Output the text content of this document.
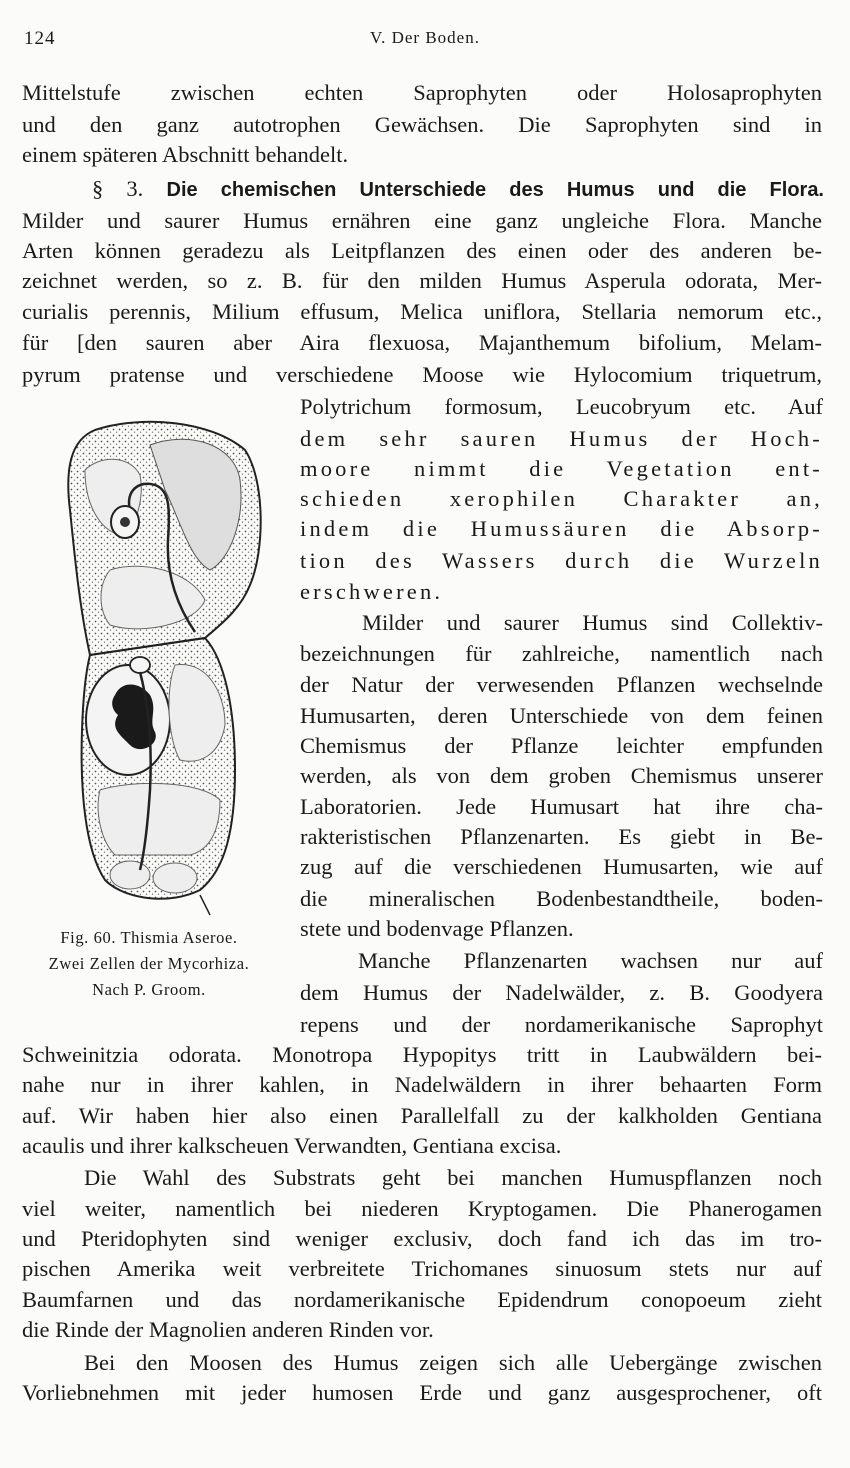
124	V. Der Boden.
Mittelstufe zwischen echten Saprophyten oder Holosaprophyten
und den ganz autotrophen Gewächsen. Die Saprophyten sind in
einem späteren Abschnitt behandelt.
§ 3. Die chemischen Unterschiede des Humus und die Flora.
Milder und saurer Humus ernähren eine ganz ungleiche Flora. Manche
Arten können geradezu als Leitpflanzen des einen oder des anderen be-
zeichnet werden, so z. B. für den milden Humus Asperula odorata, Mer-
curialis perennis, Milium effusum, Melica uniflora, Stellaria nemorum etc.,
für [den sauren aber Aira flexuosa, Majanthemum bifolium, Melam-
pyrum pratense und verschiedene Moose wie Hylocomium triquetrum,
Polytrichum formosum, Leucobryum etc. Auf
dem sehr sauren Humus der Hoch-
moore nimmt die Vegetation ent-
schieden xerophilen Charakter an,
indem die Humussäuren die Absorp-
tion des Wassers durch die Wurzeln
erschweren.
Milder und saurer Humus sind Collektiv-
bezeichnungen für zahlreiche, namentlich nach
der Natur der verwesenden Pflanzen wechselnde
Humusarten, deren Unterschiede von dem feinen
Chemismus der Pflanze leichter empfunden
werden, als von dem groben Chemismus unserer
Laboratorien. Jede Humusart hat ihre cha-
rakteristischen Pflanzenarten. Es giebt in Be-
zug auf die verschiedenen Humusarten, wie auf
die mineralischen Bodenbestandtheile, boden-
stete und bodenvage Pflanzen.
Manche Pflanzenarten wachsen nur auf
dem Humus der Nadelwälder, z. B. Goodyera
repens und der nordamerikanische Saprophyt
Schweinitzia odorata. Monotropa Hypopitys tritt in Laubwäldern bei-
nahe nur in ihrer kahlen, in Nadelwäldern in ihrer behaarten Form
auf. Wir haben hier also einen Parallelfall zu der kalkholden Gentiana
acaulis und ihrer kalkscheuen Verwandten, Gentiana excisa.
Die Wahl des Substrats geht bei manchen Humuspflanzen noch
viel weiter, namentlich bei niederen Kryptogamen. Die Phanerogamen
und Pteridophyten sind weniger exclusiv, doch fand ich das im tro-
pischen Amerika weit verbreitete Trichomanes sinuosum stets nur auf
Baumfarnen und das nordamerikanische Epidendrum conopoeum zieht
die Rinde der Magnolien anderen Rinden vor.
Bei den Moosen des Humus zeigen sich alle Uebergänge zwischen
Vorliebnehmen mit jeder humosen Erde und ganz ausgesprochener, oft
Fig. 60. Thismia Aseroe.
Zwei Zellen der Mycorhiza.
Nach P. Groom.
